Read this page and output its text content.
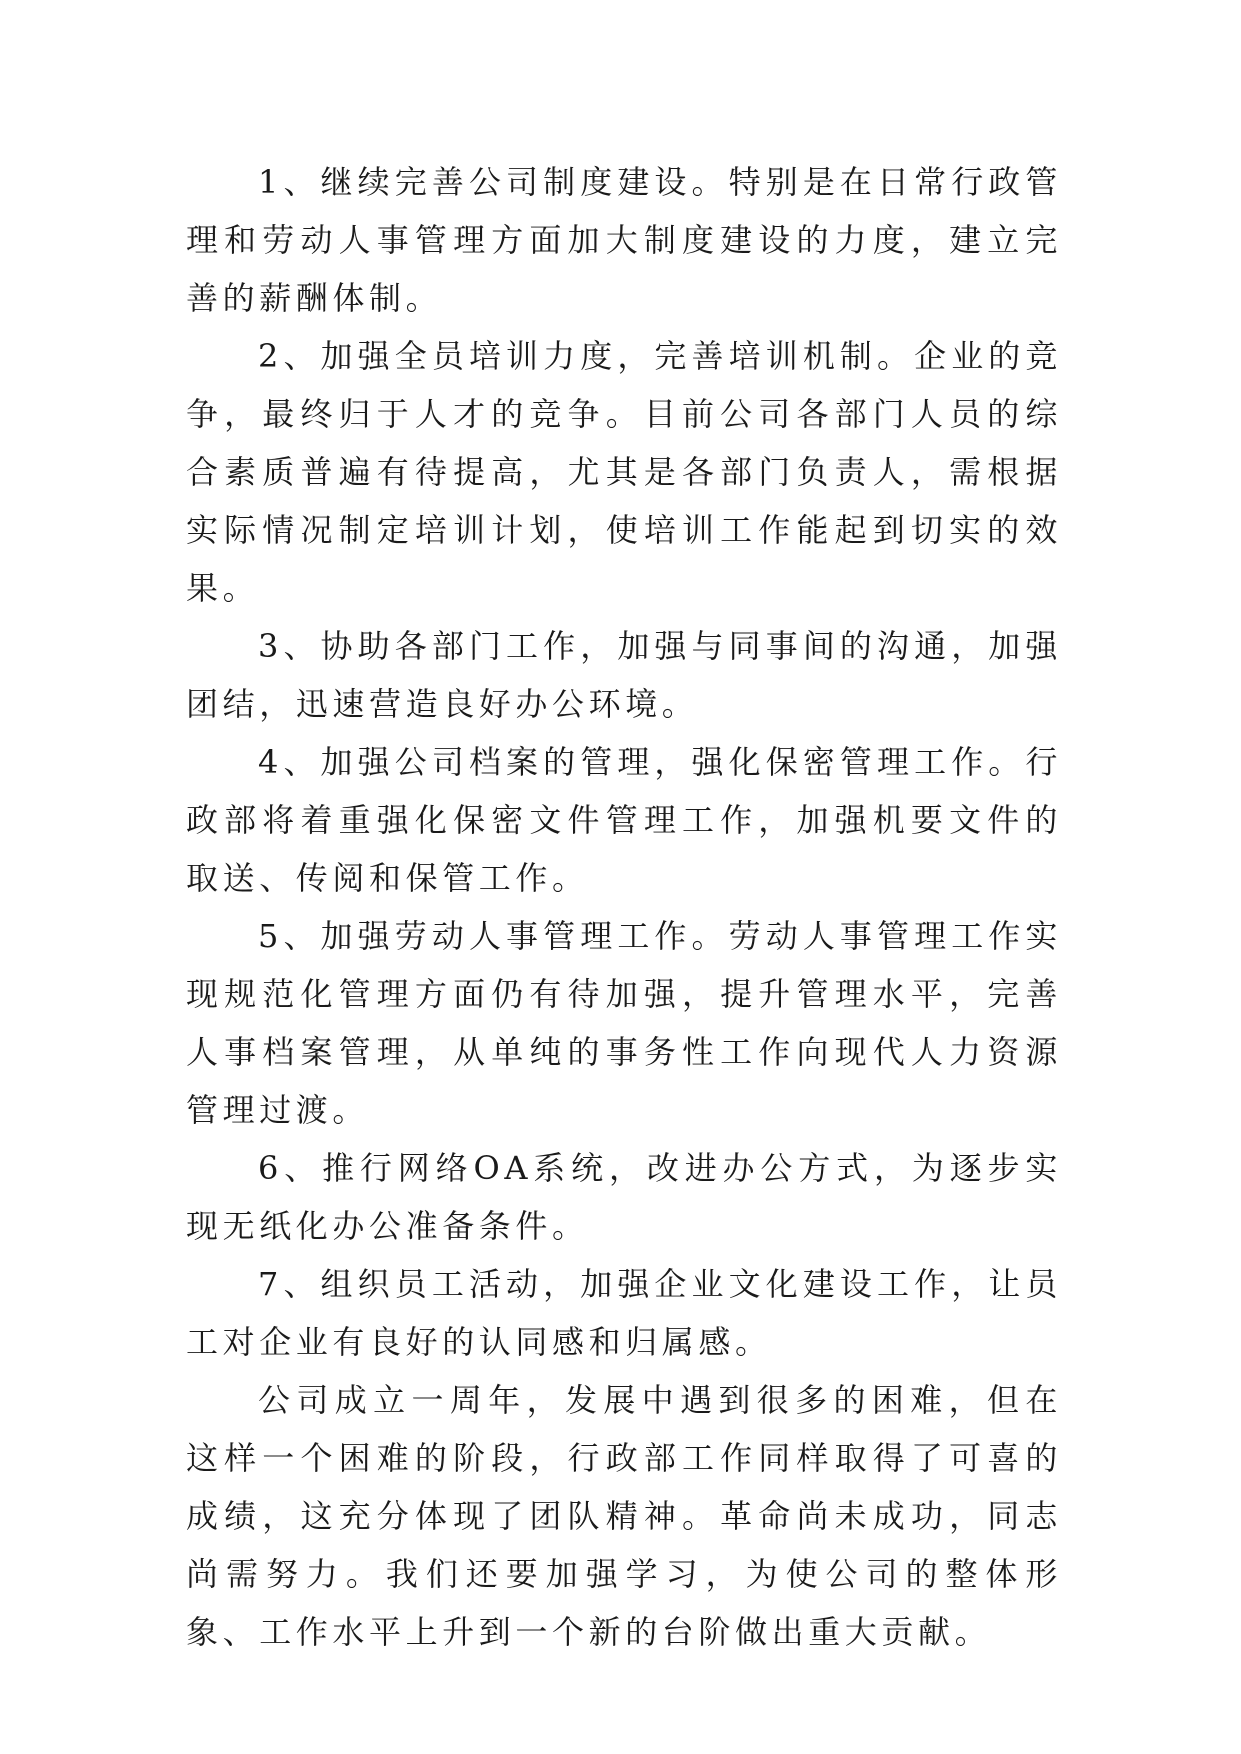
1、继续完善公司制度建设。特别是在日常行政管理和劳动人事管理方面加大制度建设的力度，建立完善的薪酬体制。

2、加强全员培训力度，完善培训机制。企业的竞争，最终归于人才的竞争。目前公司各部门人员的综合素质普遍有待提高，尤其是各部门负责人，需根据实际情况制定培训计划，使培训工作能起到切实的效果。

3、协助各部门工作，加强与同事间的沟通，加强团结，迅速营造良好办公环境。

4、加强公司档案的管理，强化保密管理工作。行政部将着重强化保密文件管理工作，加强机要文件的取送、传阅和保管工作。

5、加强劳动人事管理工作。劳动人事管理工作实现规范化管理方面仍有待加强，提升管理水平，完善人事档案管理，从单纯的事务性工作向现代人力资源管理过渡。

6、推行网络OA系统，改进办公方式，为逐步实现无纸化办公准备条件。

7、组织员工活动，加强企业文化建设工作，让员工对企业有良好的认同感和归属感。

公司成立一周年，发展中遇到很多的困难，但在这样一个困难的阶段，行政部工作同样取得了可喜的成绩，这充分体现了团队精神。革命尚未成功，同志尚需努力。我们还要加强学习，为使公司的整体形象、工作水平上升到一个新的台阶做出重大贡献。
